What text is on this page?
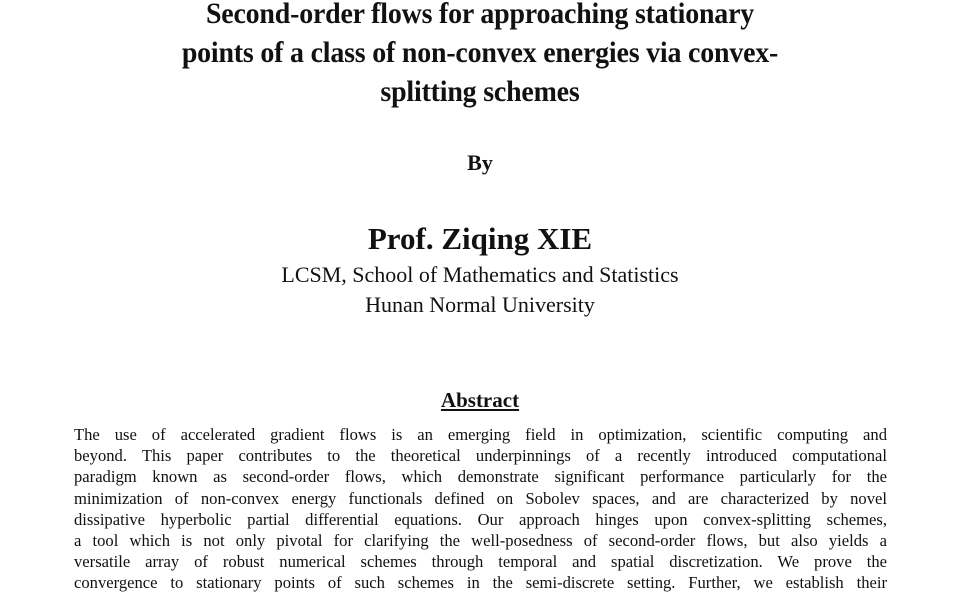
Second-order flows for approaching stationary
points of a class of non-convex energies via convex-
splitting schemes
By
Prof. Ziqing XIE
LCSM, School of Mathematics and Statistics
Hunan Normal University
Abstract
The use of accelerated gradient flows is an emerging field in optimization, scientific computing and
beyond. This paper contributes to the theoretical underpinnings of a recently introduced computational
paradigm known as second-order flows, which demonstrate significant performance particularly for the
minimization of non-convex energy functionals defined on Sobolev spaces, and are characterized by novel
dissipative hyperbolic partial differential equations. Our approach hinges upon convex-splitting schemes,
a tool which is not only pivotal for clarifying the well-posedness of second-order flows, but also yields a
versatile array of robust numerical schemes through temporal and spatial discretization. We prove the
convergence to stationary points of such schemes in the semi-discrete setting. Further, we establish their
